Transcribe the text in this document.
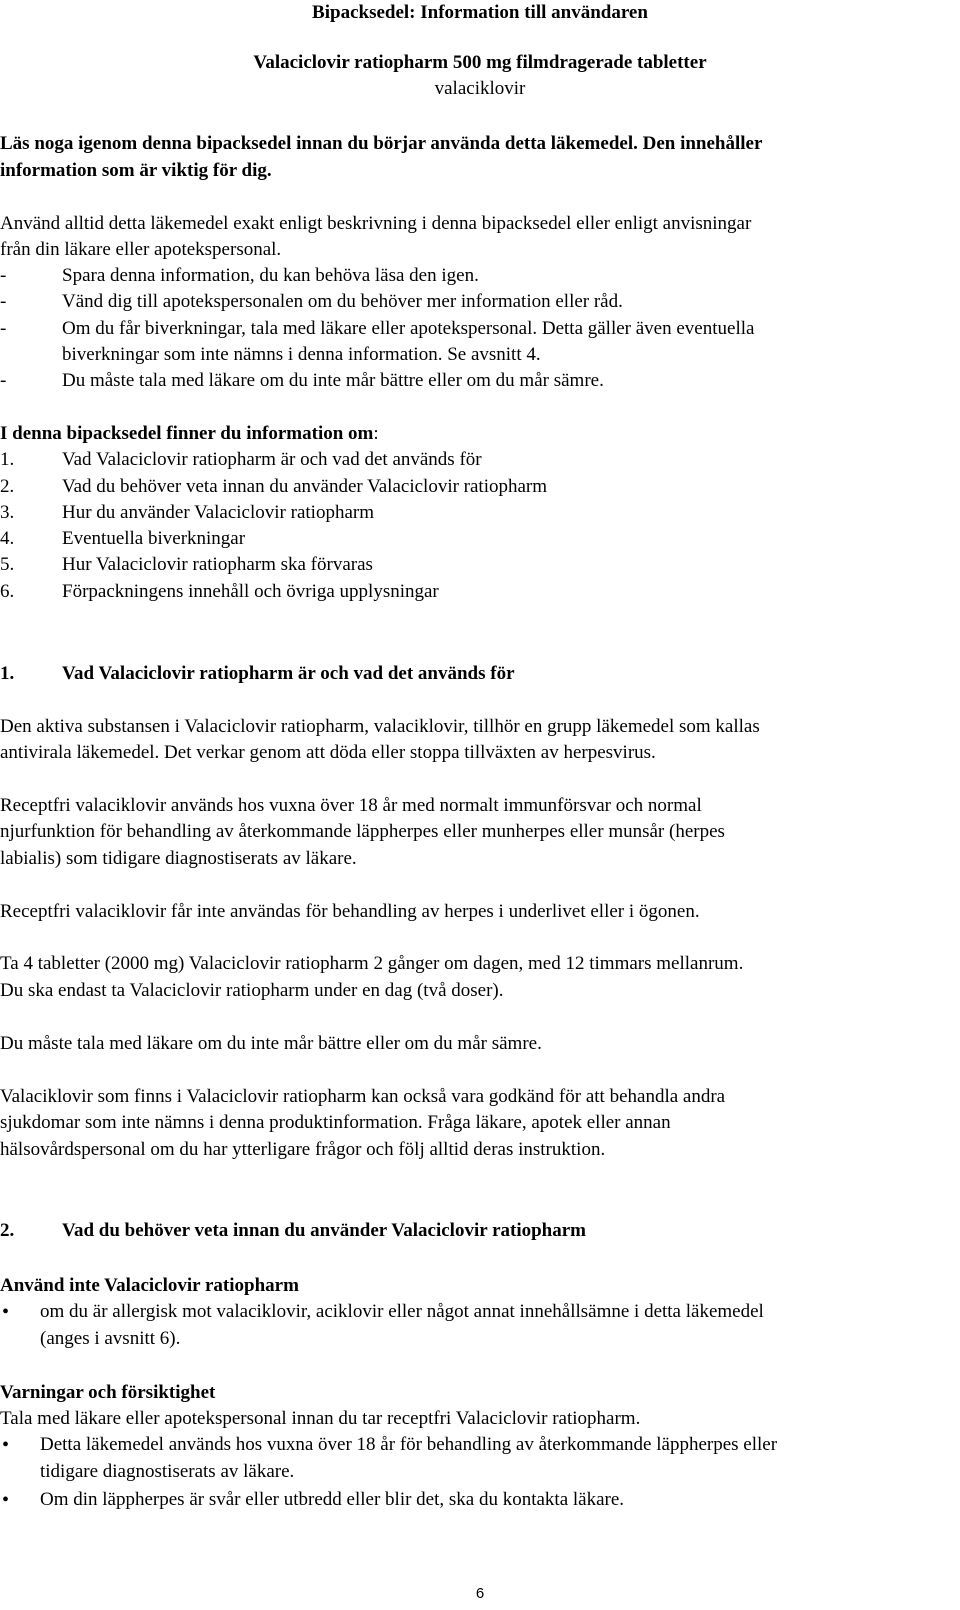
Bipacksedel: Information till användaren
Valaciclovir ratiopharm 500 mg filmdragerade tabletter
valaciklovir
Läs noga igenom denna bipacksedel innan du börjar använda detta läkemedel. Den innehåller
information som är viktig för dig.
Använd alltid detta läkemedel exakt enligt beskrivning i denna bipacksedel eller enligt anvisningar
från din läkare eller apotekspersonal.
-	Spara denna information, du kan behöva läsa den igen.
-	Vänd dig till apotekspersonalen om du behöver mer information eller råd.
-	Om du får biverkningar, tala med läkare eller apotekspersonal. Detta gäller även eventuella
biverkningar som inte nämns i denna information. Se avsnitt 4.
-	Du måste tala med läkare om du inte mår bättre eller om du mår sämre.
I denna bipacksedel finner du information om:
1.	Vad Valaciclovir ratiopharm är och vad det används för
2.	Vad du behöver veta innan du använder Valaciclovir ratiopharm
3.	Hur du använder Valaciclovir ratiopharm
4.	Eventuella biverkningar
5.	Hur Valaciclovir ratiopharm ska förvaras
6.	Förpackningens innehåll och övriga upplysningar
1.	Vad Valaciclovir ratiopharm är och vad det används för
Den aktiva substansen i Valaciclovir ratiopharm, valaciklovir, tillhör en grupp läkemedel som kallas
antivirala läkemedel. Det verkar genom att döda eller stoppa tillväxten av herpesvirus.
Receptfri valaciklovir används hos vuxna över 18 år med normalt immunförsvar och normal
njurfunktion för behandling av återkommande läppherpes eller munherpes eller munsår (herpes
labialis) som tidigare diagnostiserats av läkare.
Receptfri valaciklovir får inte användas för behandling av herpes i underlivet eller i ögonen.
Ta 4 tabletter (2000 mg) Valaciclovir ratiopharm 2 gånger om dagen, med 12 timmars mellanrum.
Du ska endast ta Valaciclovir ratiopharm under en dag (två doser).
Du måste tala med läkare om du inte mår bättre eller om du mår sämre.
Valaciklovir som finns i Valaciclovir ratiopharm kan också vara godkänd för att behandla andra
sjukdomar som inte nämns i denna produktinformation. Fråga läkare, apotek eller annan
hälsovårdspersonal om du har ytterligare frågor och följ alltid deras instruktion.
2.	Vad du behöver veta innan du använder Valaciclovir ratiopharm
Använd inte Valaciclovir ratiopharm
• om du är allergisk mot valaciklovir, aciklovir eller något annat innehållsämne i detta läkemedel
(anges i avsnitt 6).
Varningar och försiktighet
Tala med läkare eller apotekspersonal innan du tar receptfri Valaciclovir ratiopharm.
• Detta läkemedel används hos vuxna över 18 år för behandling av återkommande läppherpes eller
tidigare diagnostiserats av läkare.
• Om din läppherpes är svår eller utbredd eller blir det, ska du kontakta läkare.
6
